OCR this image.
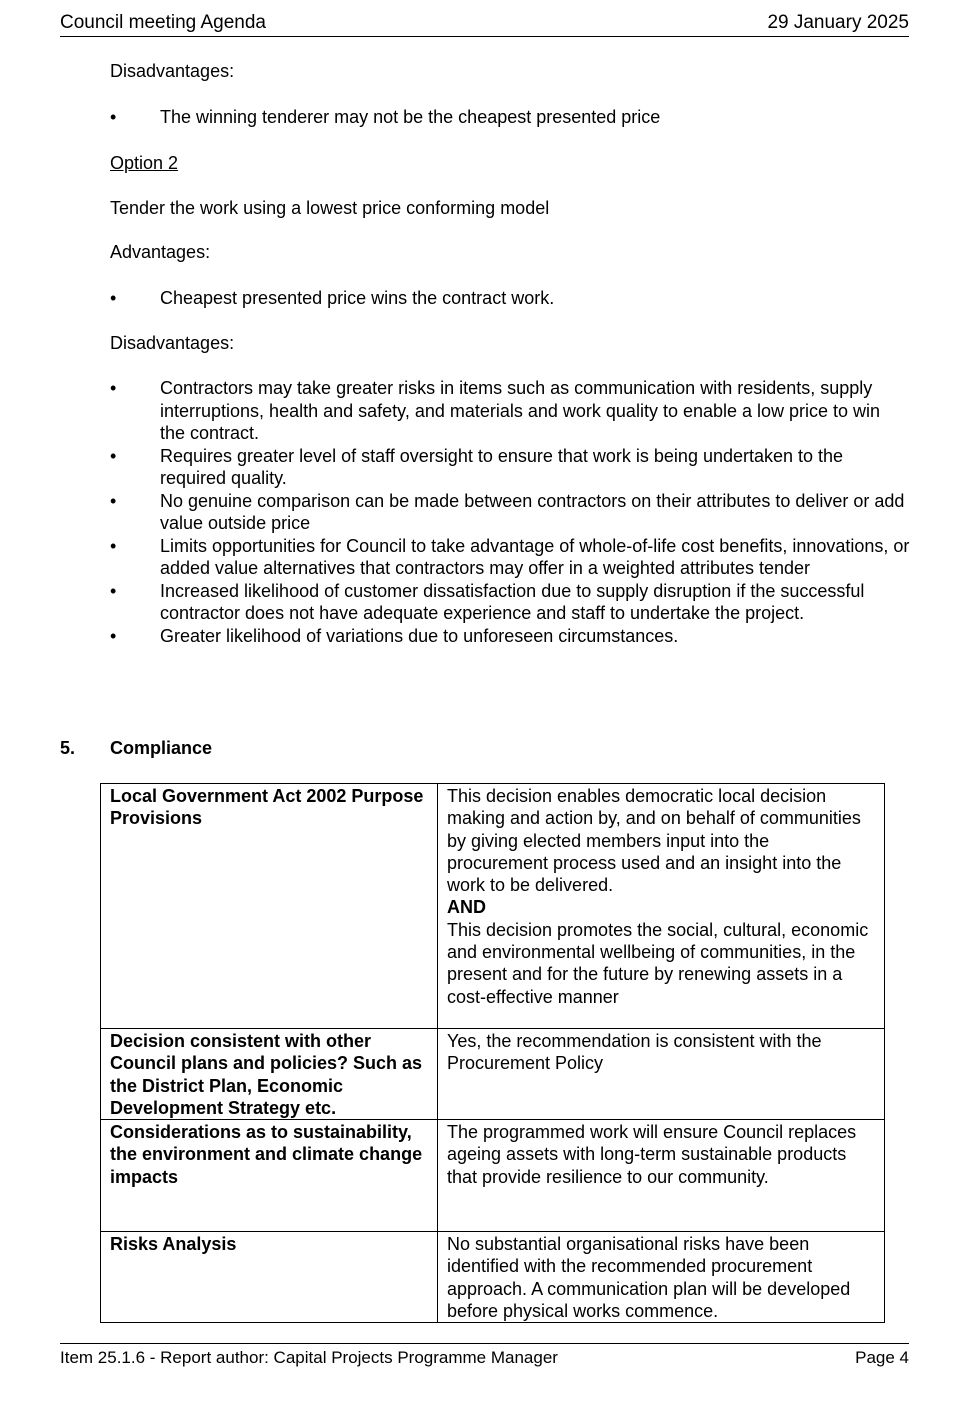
Council meeting Agenda	29 January 2025

Disadvantages:

• The winning tenderer may not be the cheapest presented price

Option 2

Tender the work using a lowest price conforming model

Advantages:

• Cheapest presented price wins the contract work.

Disadvantages:

• Contractors may take greater risks in items such as communication with residents, supply interruptions, health and safety, and materials and work quality to enable a low price to win the contract.
• Requires greater level of staff oversight to ensure that work is being undertaken to the required quality.
• No genuine comparison can be made between contractors on their attributes to deliver or add value outside price
• Limits opportunities for Council to take advantage of whole-of-life cost benefits, innovations, or added value alternatives that contractors may offer in a weighted attributes tender
• Increased likelihood of customer dissatisfaction due to supply disruption if the successful contractor does not have adequate experience and staff to undertake the project.
• Greater likelihood of variations due to unforeseen circumstances.
5. Compliance
Local Government Act 2002 Purpose Provisions	This decision enables democratic local decision making and action by, and on behalf of communities by giving elected members input into the procurement process used and an insight into the work to be delivered.
AND
This decision promotes the social, cultural, economic and environmental wellbeing of communities, in the present and for the future by renewing assets in a cost-effective manner

Decision consistent with other Council plans and policies? Such as the District Plan, Economic Development Strategy etc.	Yes, the recommendation is consistent with the Procurement Policy
Considerations as to sustainability, the environment and climate change impacts	The programmed work will ensure Council replaces ageing assets with long-term sustainable products that provide resilience to our community.
Risks Analysis	No substantial organisational risks have been identified with the recommended procurement approach. A communication plan will be developed before physical works commence.
Item 25.1.6 - Report author: Capital Projects Programme Manager	Page 4
